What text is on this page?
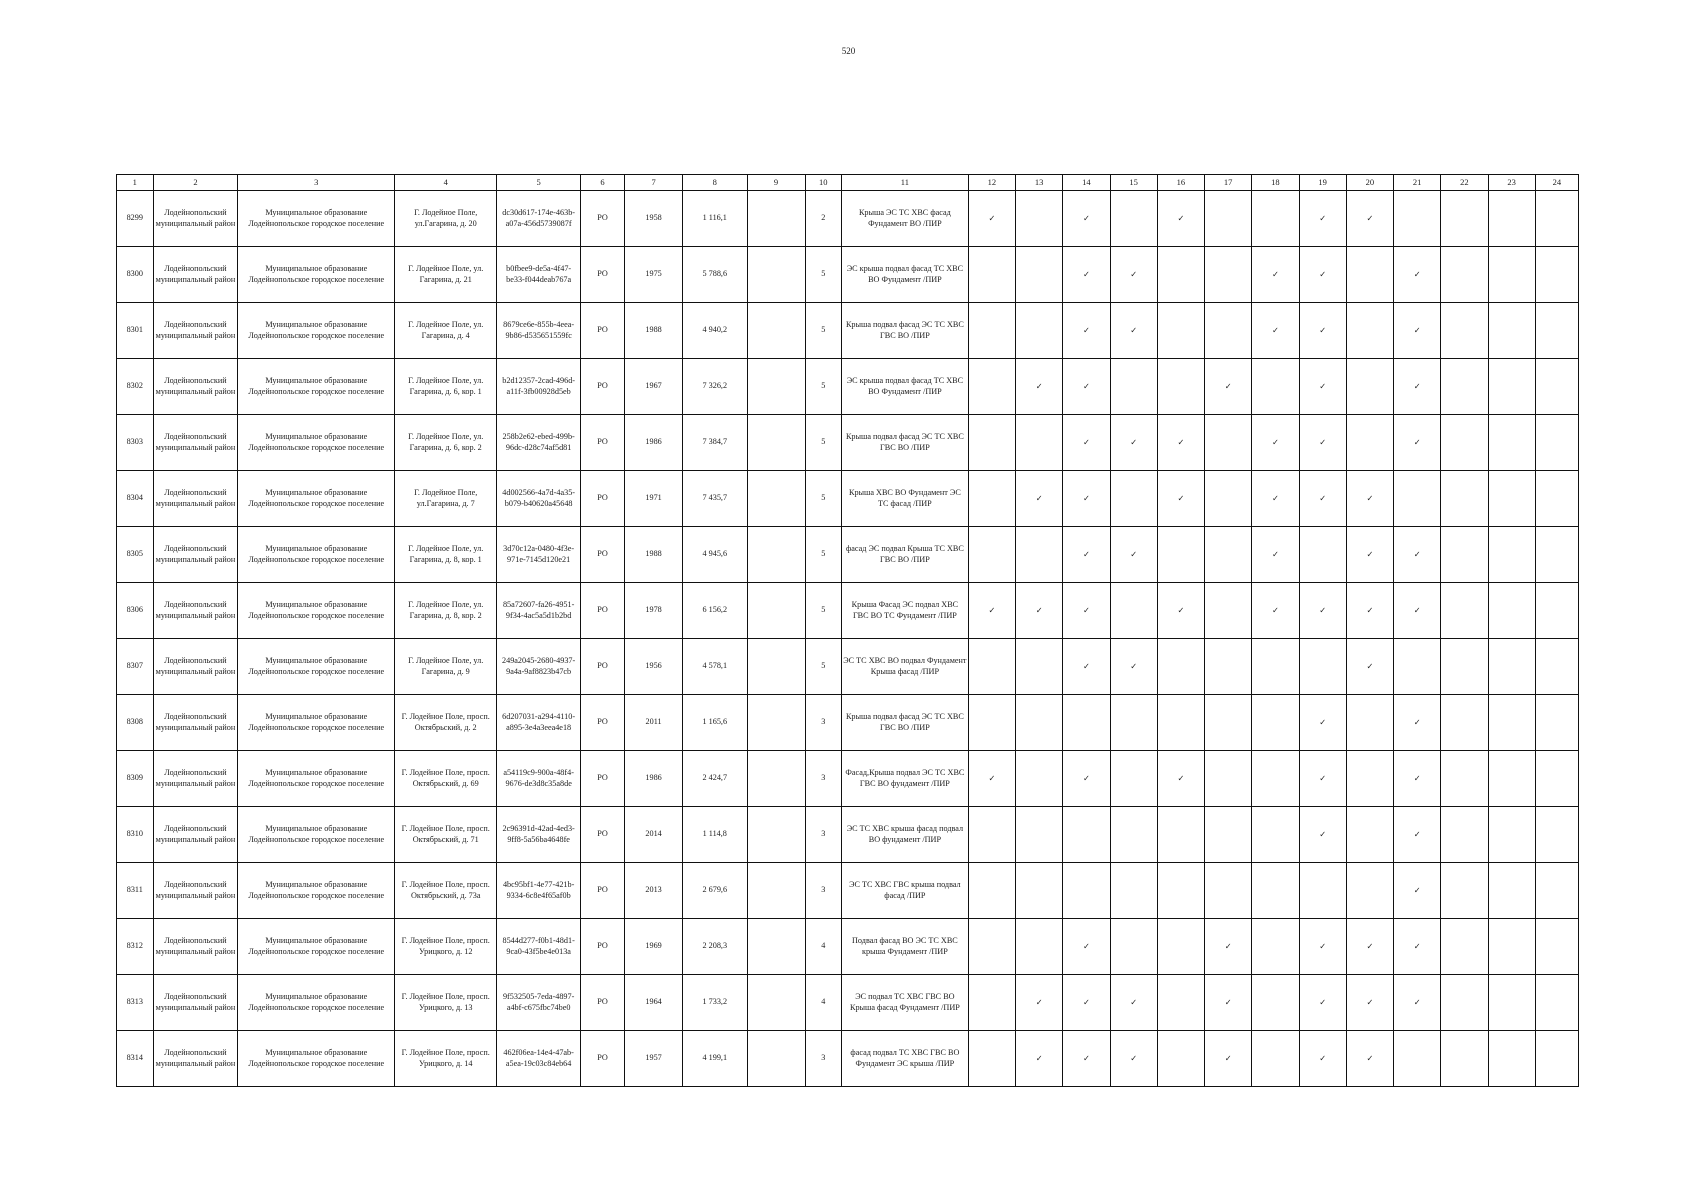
520
1	2	3	4	5	6	7	8	9	10	11	12	13	14	15	16	17	18	19	20	21	22	23	24
8299	Лодейнопольский муниципальный район	Муниципальное образование Лодейнопольское городское поселение	Г. Лодейное Поле, ул.Гагарина, д. 20	dc30d617-174e-463b-a07a-456d5739087f	РО	1958	1 116,1		2	Крыша ЭС ТС ХВС фасад Фундамент ВО /ПИР	✓		✓		✓			✓	✓				
8300	Лодейнопольский муниципальный район	Муниципальное образование Лодейнопольское городское поселение	Г. Лодейное Поле, ул. Гагарина, д. 21	b0fbee9-de5a-4f47-be33-f044deab767a	РО	1975	5 788,6		5	ЭС крыша подвал фасад ТС ХВС ВО Фундамент /ПИР			✓	✓			✓	✓		✓			
8301	Лодейнопольский муниципальный район	Муниципальное образование Лодейнопольское городское поселение	Г. Лодейное Поле, ул. Гагарина, д. 4	8679ce6e-855b-4eea-9b86-d535651559fc	РО	1988	4 940,2		5	Крыша подвал фасад ЭС ТС ХВС ГВС ВО /ПИР			✓	✓			✓	✓		✓			
8302	Лодейнопольский муниципальный район	Муниципальное образование Лодейнопольское городское поселение	Г. Лодейное Поле, ул. Гагарина, д. 6, кор. 1	b2d12357-2cad-496d-a11f-3fb00928d5eb	РО	1967	7 326,2		5	ЭС крыша подвал фасад ТС ХВС ВО Фундамент /ПИР		✓	✓			✓		✓		✓			
8303	Лодейнопольский муниципальный район	Муниципальное образование Лодейнопольское городское поселение	Г. Лодейное Поле, ул. Гагарина, д. 6, кор. 2	258b2e62-ebed-499b-96dc-d28c74af5d81	РО	1986	7 384,7		5	Крыша подвал фасад ЭС ТС ХВС ГВС ВО /ПИР			✓	✓	✓		✓	✓		✓			
8304	Лодейнопольский муниципальный район	Муниципальное образование Лодейнопольское городское поселение	Г. Лодейное Поле, ул.Гагарина, д. 7	4d002566-4a7d-4a35-b079-b40620a45648	РО	1971	7 435,7		5	Крыша ХВС ВО Фундамент ЭС ТС фасад /ПИР		✓	✓		✓		✓	✓	✓				
8305	Лодейнопольский муниципальный район	Муниципальное образование Лодейнопольское городское поселение	Г. Лодейное Поле, ул. Гагарина, д. 8, кор. 1	3d70c12a-0480-4f3e-971e-7145d120e21	РО	1988	4 945,6		5	фасад ЭС подвал Крыша ТС ХВС ГВС ВО /ПИР			✓	✓			✓		✓	✓			
8306	Лодейнопольский муниципальный район	Муниципальное образование Лодейнопольское городское поселение	Г. Лодейное Поле, ул. Гагарина, д. 8, кор. 2	85a72607-fa26-4951-9f34-4ac5a5d1b2bd	РО	1978	6 156,2		5	Крыша Фасад ЭС подвал ХВС ГВС ВО ТС Фундамент /ПИР	✓	✓	✓		✓		✓	✓	✓	✓			
8307	Лодейнопольский муниципальный район	Муниципальное образование Лодейнопольское городское поселение	Г. Лодейное Поле, ул. Гагарина, д. 9	249a2045-2680-4937-9a4a-9af8823b47cb	РО	1956	4 578,1		5	ЭС ТС ХВС ВО подвал Фундамент Крыша фасад /ПИР			✓	✓					✓				
8308	Лодейнопольский муниципальный район	Муниципальное образование Лодейнопольское городское поселение	Г. Лодейное Поле, просп. Октябрьский, д. 2	6d207031-a294-4110-a895-3e4a3eea4e18	РО	2011	1 165,6		3	Крыша подвал фасад ЭС ТС ХВС ГВС ВО /ПИР								✓		✓			
8309	Лодейнопольский муниципальный район	Муниципальное образование Лодейнопольское городское поселение	Г. Лодейное Поле, просп. Октябрьский, д. 69	a54119c9-900a-48f4-9676-de3d8c35a8de	РО	1986	2 424,7		3	Фасад,Крыша подвал ЭС ТС ХВС ГВС ВО фундамент /ПИР	✓		✓		✓			✓		✓			
8310	Лодейнопольский муниципальный район	Муниципальное образование Лодейнопольское городское поселение	Г. Лодейное Поле, просп. Октябрьский, д. 71	2c96391d-42ad-4ed3-9ff8-5a56ba4648fe	РО	2014	1 114,8		3	ЭС ТС ХВС крыша фасад подвал ВО фундамент /ПИР								✓		✓			
8311	Лодейнопольский муниципальный район	Муниципальное образование Лодейнопольское городское поселение	Г. Лодейное Поле, просп. Октябрьский, д. 73а	4bc95bf1-4e77-421b-9334-6c8e4f65af0b	РО	2013	2 679,6		3	ЭС ТС ХВС ГВС крыша подвал фасад /ПИР										✓			
8312	Лодейнопольский муниципальный район	Муниципальное образование Лодейнопольское городское поселение	Г. Лодейное Поле, просп. Урицкого, д. 12	8544d277-f0b1-48d1-9ca0-43f5be4e013a	РО	1969	2 208,3		4	Подвал фасад ВО ЭС ТС ХВС крыша Фундамент /ПИР			✓			✓		✓	✓	✓			
8313	Лодейнопольский муниципальный район	Муниципальное образование Лодейнопольское городское поселение	Г. Лодейное Поле, просп. Урицкого, д. 13	9f532505-7eda-4897-a4bf-c675fbc74be0	РО	1964	1 733,2		4	ЭС подвал ТС ХВС ГВС ВО Крыша фасад Фундамент /ПИР		✓	✓	✓		✓		✓	✓	✓			
8314	Лодейнопольский муниципальный район	Муниципальное образование Лодейнопольское городское поселение	Г. Лодейное Поле, просп. Урицкого, д. 14	462f06ea-14e4-47ab-a5ea-19c03c84eb64	РО	1957	4 199,1		3	фасад подвал ТС ХВС ГВС ВО Фундамент ЭС крыша /ПИР		✓	✓	✓		✓		✓	✓				
